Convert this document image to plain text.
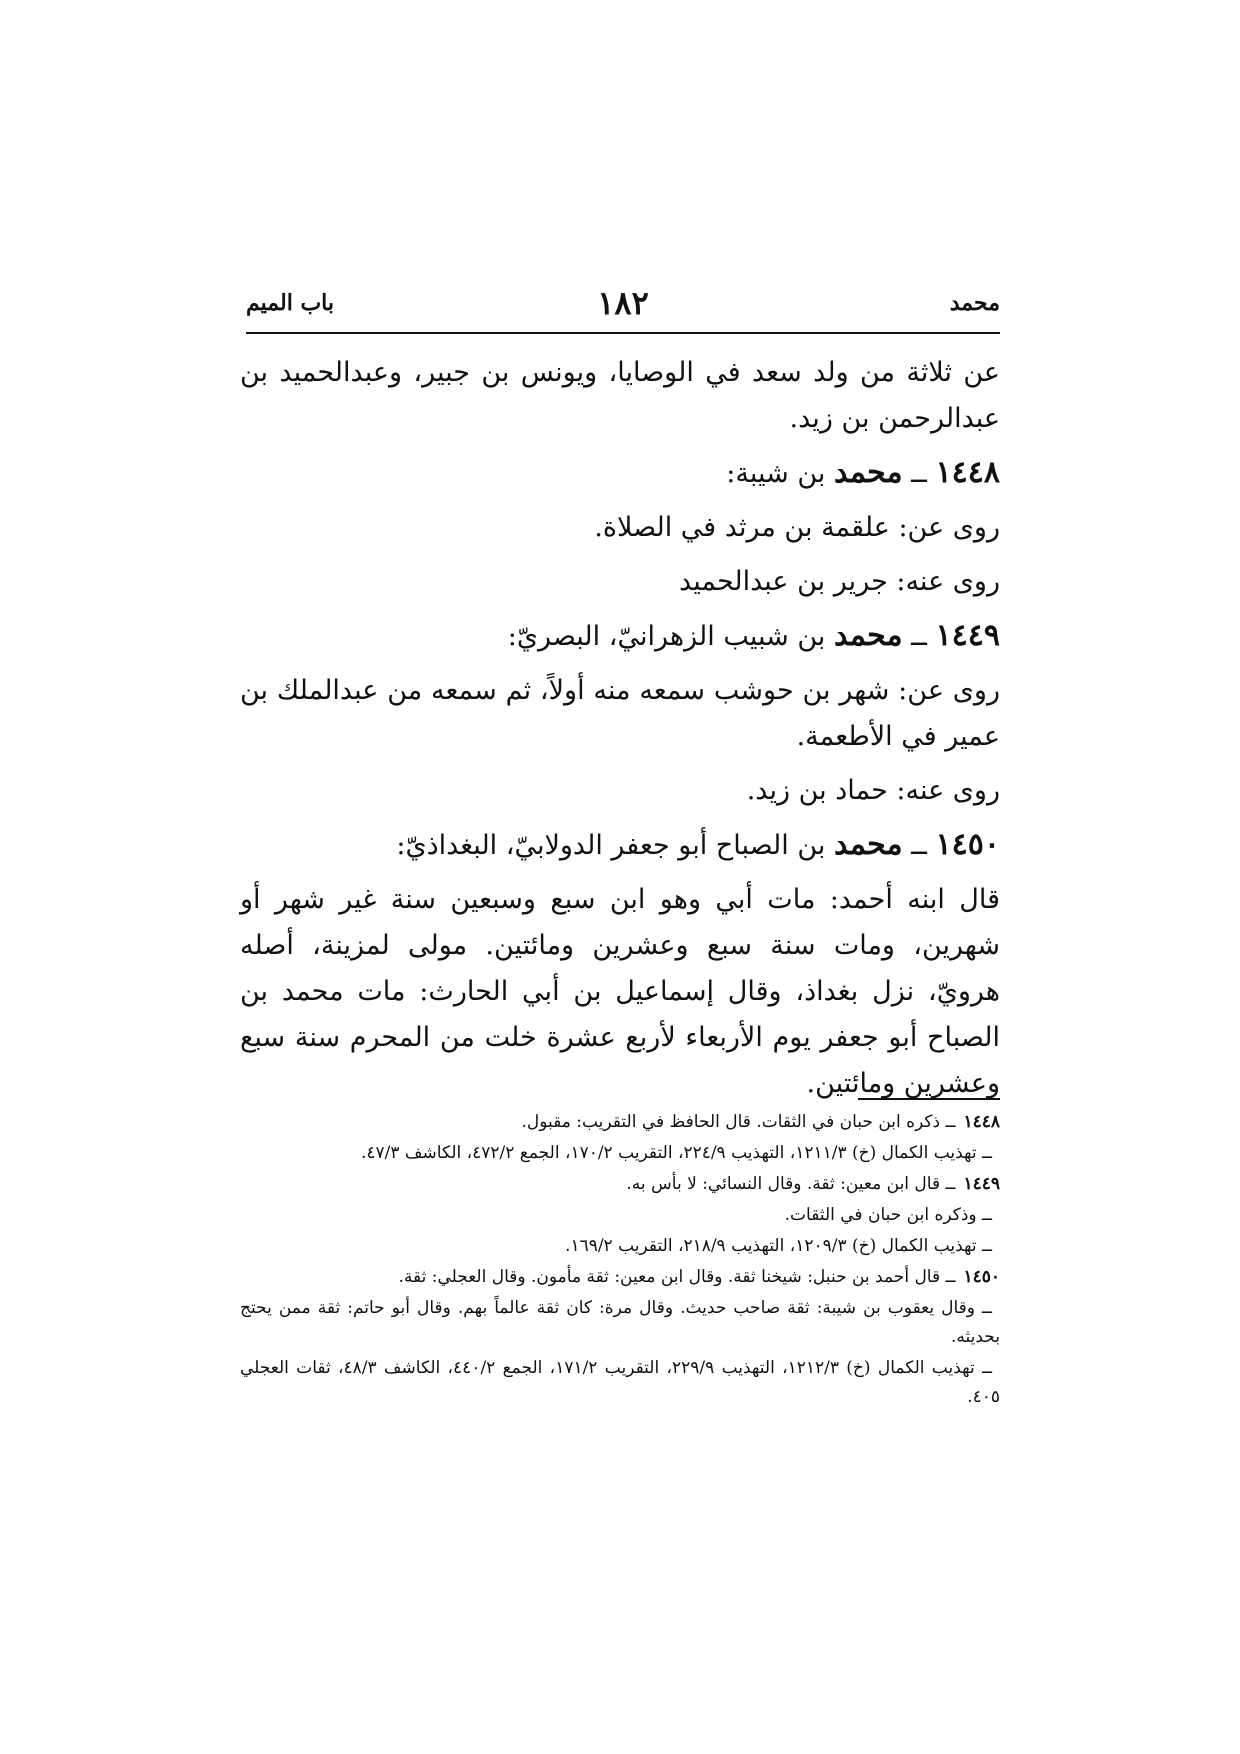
محمد
١٨٢
باب الميم

عن ثلاثة من ولد سعد في الوصايا، ويونس بن جبير، وعبدالحميد بن عبدالرحمن بن زيد.

١٤٤٨ ــ محمد بن شيبة:

روى عن: علقمة بن مرثد في الصلاة.

روى عنه: جرير بن عبدالحميد

١٤٤٩ ــ محمد بن شبيب الزهرانيّ، البصريّ:

روى عن: شهر بن حوشب سمعه منه أولاً، ثم سمعه من عبدالملك بن عمير في الأطعمة.

روى عنه: حماد بن زيد.

١٤٥٠ ــ محمد بن الصباح أبو جعفر الدولابيّ، البغداذيّ:

قال ابنه أحمد: مات أبي وهو ابن سبع وسبعين سنة غير شهر أو شهرين، ومات سنة سبع وعشرين ومائتين. مولى لمزينة، أصله هرويّ، نزل بغداذ، وقال إسماعيل بن أبي الحارث: مات محمد بن الصباح أبو جعفر يوم الأربعاء لأربع عشرة خلت من المحرم سنة سبع وعشرين ومائتين.

١٤٤٨ــ ذكره ابن حبان في الثقات. قال الحافظ في التقريب: مقبول.

ــ تهذيب الكمال (خ) ١٢١١/٣، التهذيب ٢٢٤/٩، التقريب ١٧٠/٢، الجمع ٤٧٢/٢، الكاشف ٤٧/٣.

١٤٤٩ــ قال ابن معين: ثقة. وقال النسائي: لا بأس به.

ــ وذكره ابن حبان في الثقات.

ــ تهذيب الكمال (خ) ١٢٠٩/٣، التهذيب ٢١٨/٩، التقريب ١٦٩/٢.

١٤٥٠ــ قال أحمد بن حنبل: شيخنا ثقة. وقال ابن معين: ثقة مأمون. وقال العجلي: ثقة.

ــ وقال يعقوب بن شيبة: ثقة صاحب حديث. وقال مرة: كان ثقة عالماً بهم. وقال أبو حاتم: ثقة ممن يحتج بحديثه.

ــ تهذيب الكمال (خ) ١٢١٢/٣، التهذيب ٢٢٩/٩، التقريب ١٧١/٢، الجمع ٤٤٠/٢، الكاشف ٤٨/٣، ثقات العجلي ٤٠٥.
